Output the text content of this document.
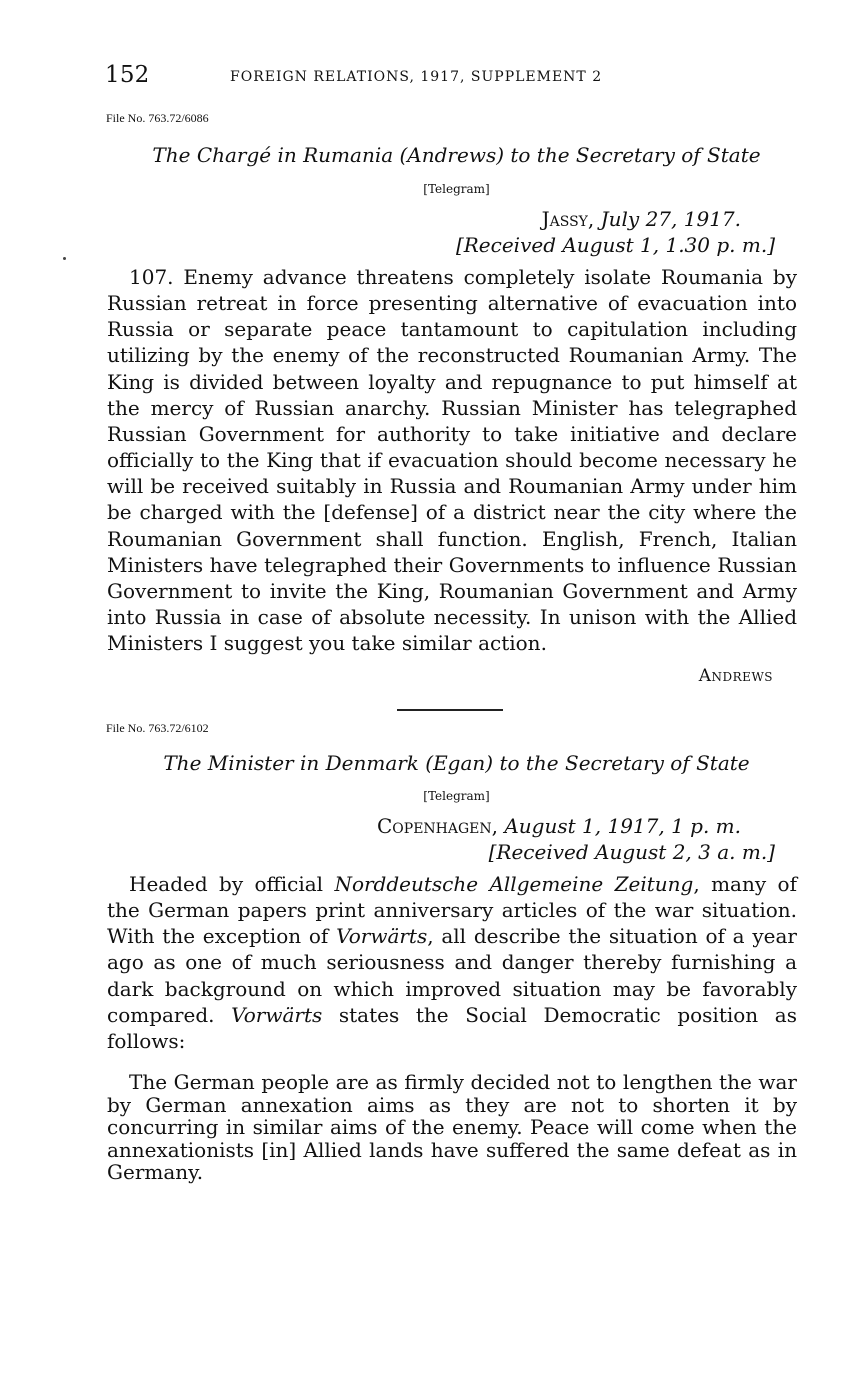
152	FOREIGN RELATIONS, 1917, SUPPLEMENT 2
File No. 763.72/6086
The Chargé in Rumania (Andrews) to the Secretary of State
[Telegram]
Jassy, July 27, 1917.
[Received August 1, 1.30 p. m.]
107. Enemy advance threatens completely isolate Roumania by Russian retreat in force presenting alternative of evacuation into Russia or separate peace tantamount to capitulation including utilizing by the enemy of the reconstructed Roumanian Army. The King is divided between loyalty and repugnance to put himself at the mercy of Russian anarchy. Russian Minister has telegraphed Russian Government for authority to take initiative and declare officially to the King that if evacuation should become necessary he will be received suitably in Russia and Roumanian Army under him be charged with the [defense] of a district near the city where the Roumanian Government shall function. English, French, Italian Ministers have telegraphed their Governments to influence Russian Government to invite the King, Roumanian Government and Army into Russia in case of absolute necessity. In unison with the Allied Ministers I suggest you take similar action.
Andrews
File No. 763.72/6102
The Minister in Denmark (Egan) to the Secretary of State
[Telegram]
Copenhagen, August 1, 1917, 1 p. m.
[Received August 2, 3 a. m.]
Headed by official Norddeutsche Allgemeine Zeitung, many of the German papers print anniversary articles of the war situation. With the exception of Vorwärts, all describe the situation of a year ago as one of much seriousness and danger thereby furnishing a dark background on which improved situation may be favorably compared. Vorwärts states the Social Democratic position as follows:
The German people are as firmly decided not to lengthen the war by German annexation aims as they are not to shorten it by concurring in similar aims of the enemy. Peace will come when the annexationists [in] Allied lands have suffered the same defeat as in Germany.
